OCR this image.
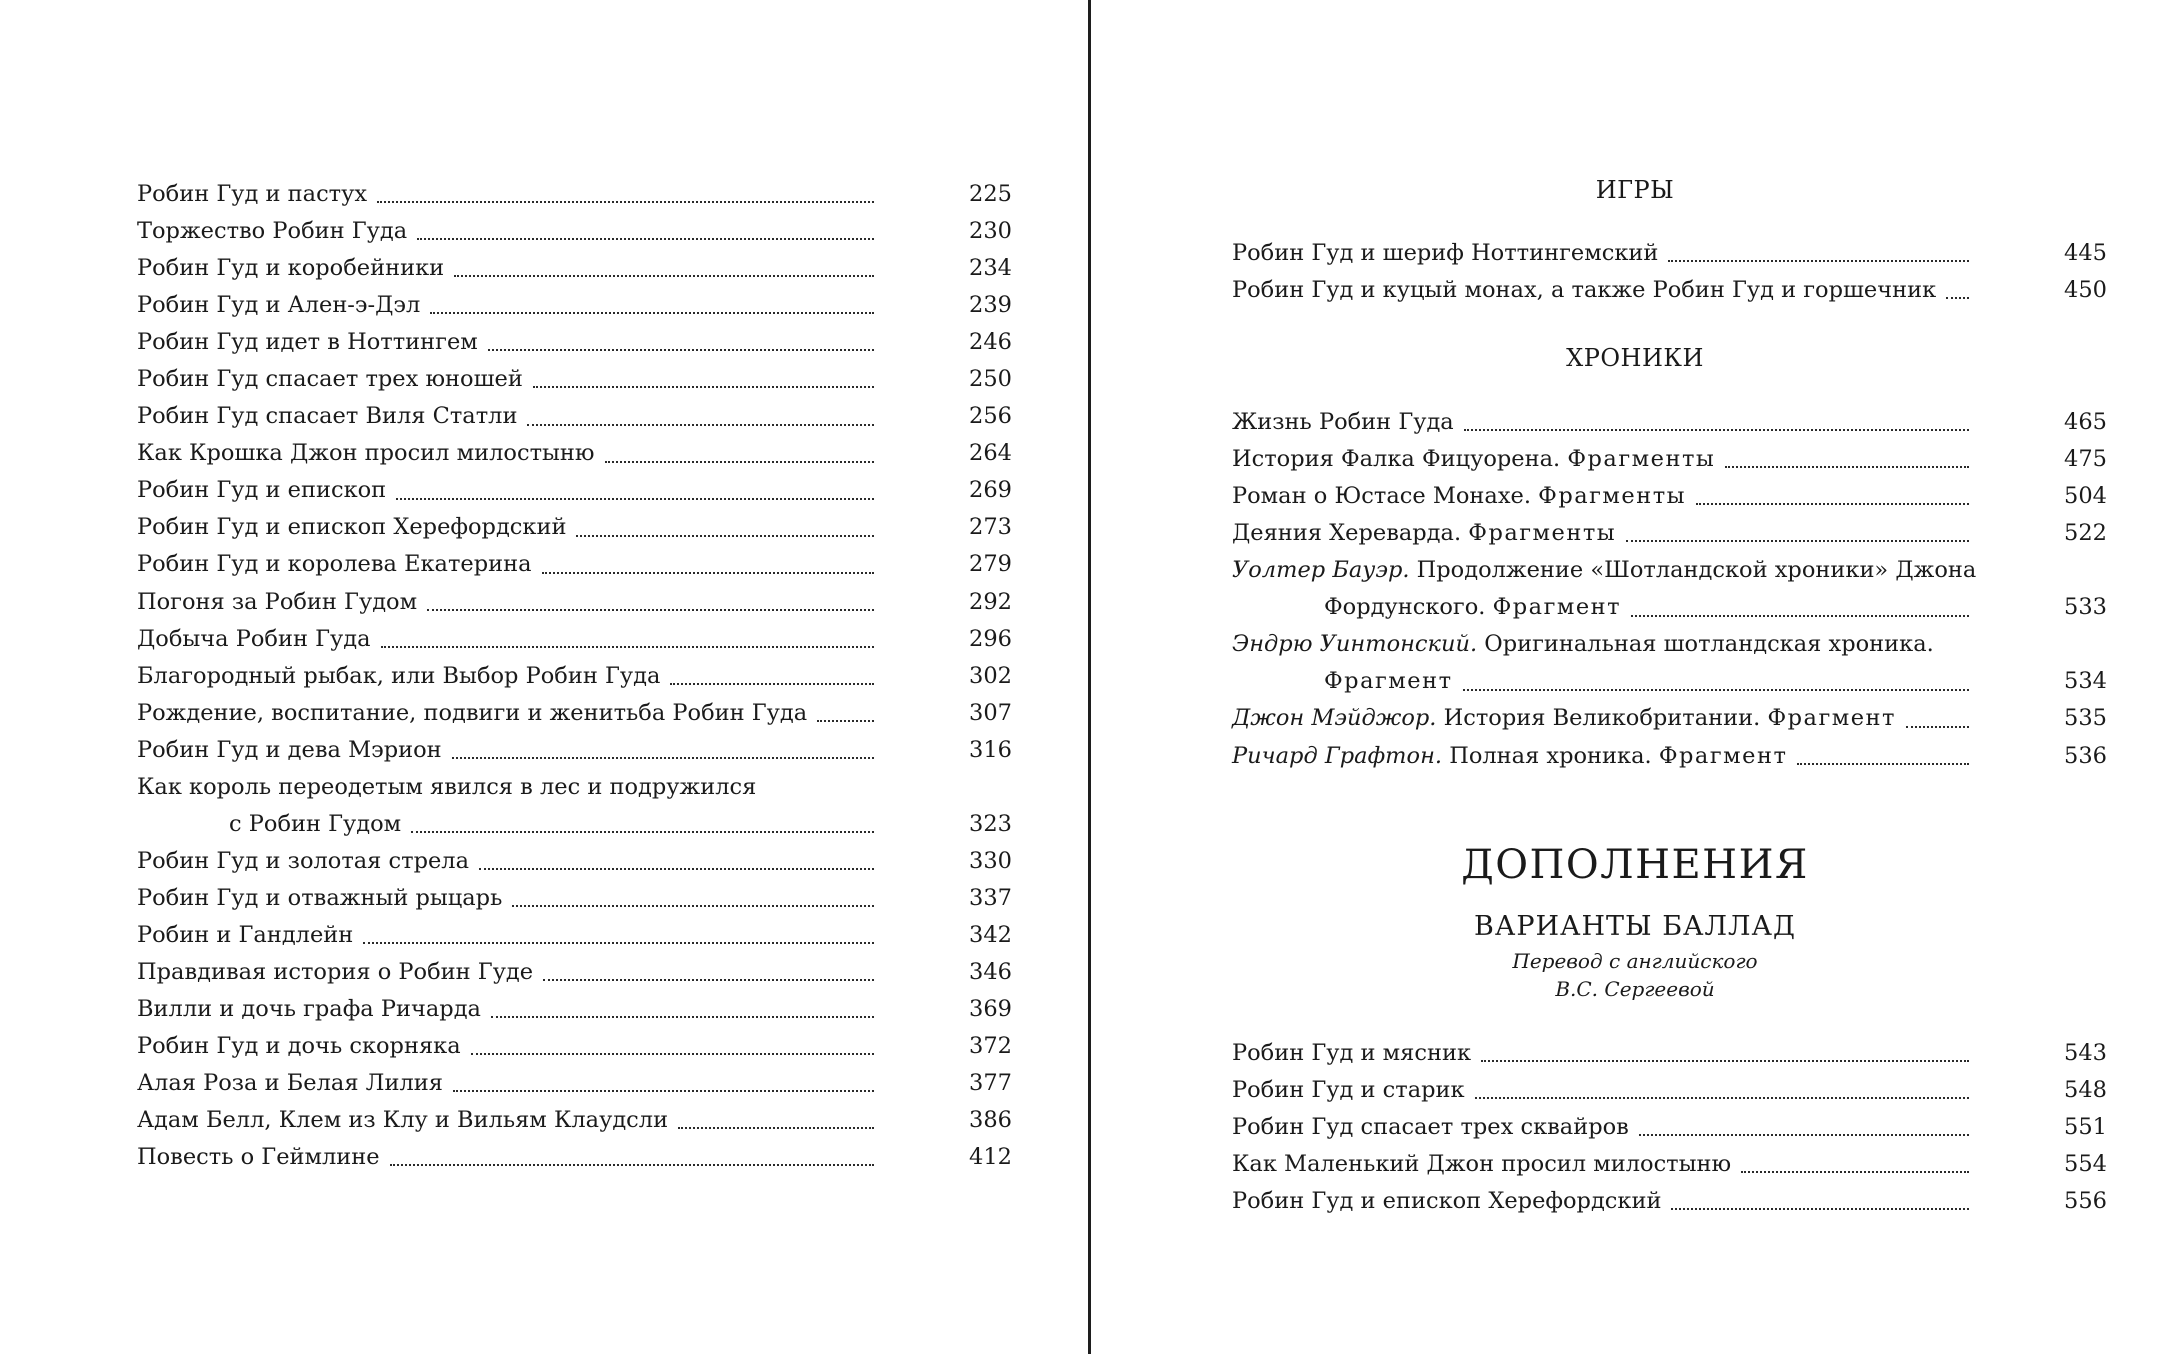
Робин Гуд и пастух	225
Торжество Робин Гуда	230
Робин Гуд и коробейники	234
Робин Гуд и Ален-э-Дэл	239
Робин Гуд идет в Ноттингем	246
Робин Гуд спасает трех юношей	250
Робин Гуд спасает Виля Статли	256
Как Крошка Джон просил милостыню	264
Робин Гуд и епископ	269
Робин Гуд и епископ Херефордский	273
Робин Гуд и королева Екатерина	279
Погоня за Робин Гудом	292
Добыча Робин Гуда	296
Благородный рыбак, или Выбор Робин Гуда	302
Рождение, воспитание, подвиги и женитьба Робин Гуда	307
Робин Гуд и дева Мэрион	316
Как король переодетым явился в лес и подружился
с Робин Гудом	323
Робин Гуд и золотая стрела	330
Робин Гуд и отважный рыцарь	337
Робин и Гандлейн	342
Правдивая история о Робин Гуде	346
Вилли и дочь графа Ричарда	369
Робин Гуд и дочь скорняка	372
Алая Роза и Белая Лилия	377
Адам Белл, Клем из Клу и Вильям Клаудсли	386
Повесть о Геймлине	412
ИГРЫ
Робин Гуд и шериф Ноттингемский	445
Робин Гуд и куцый монах, а также Робин Гуд и горшечник	450
ХРОНИКИ
Жизнь Робин Гуда	465
История Фалка Фицуорена. Фрагменты	475
Роман о Юстасе Монахе. Фрагменты	504
Деяния Хереварда. Фрагменты	522
Уолтер Бауэр. Продолжение «Шотландской хроники» Джона
Фордунского. Фрагмент	533
Эндрю Уинтонский. Оригинальная шотландская хроника.
Фрагмент	534
Джон Мэйджор. История Великобритании. Фрагмент	535
Ричард Графтон. Полная хроника. Фрагмент	536
ДОПОЛНЕНИЯ
ВАРИАНТЫ БАЛЛАД

Перевод с английского

В.С. Сергеевой

Робин Гуд и мясник	543
Робин Гуд и старик	548
Робин Гуд спасает трех сквайров	551
Как Маленький Джон просил милостыню	554
Робин Гуд и епископ Херефордский	556
